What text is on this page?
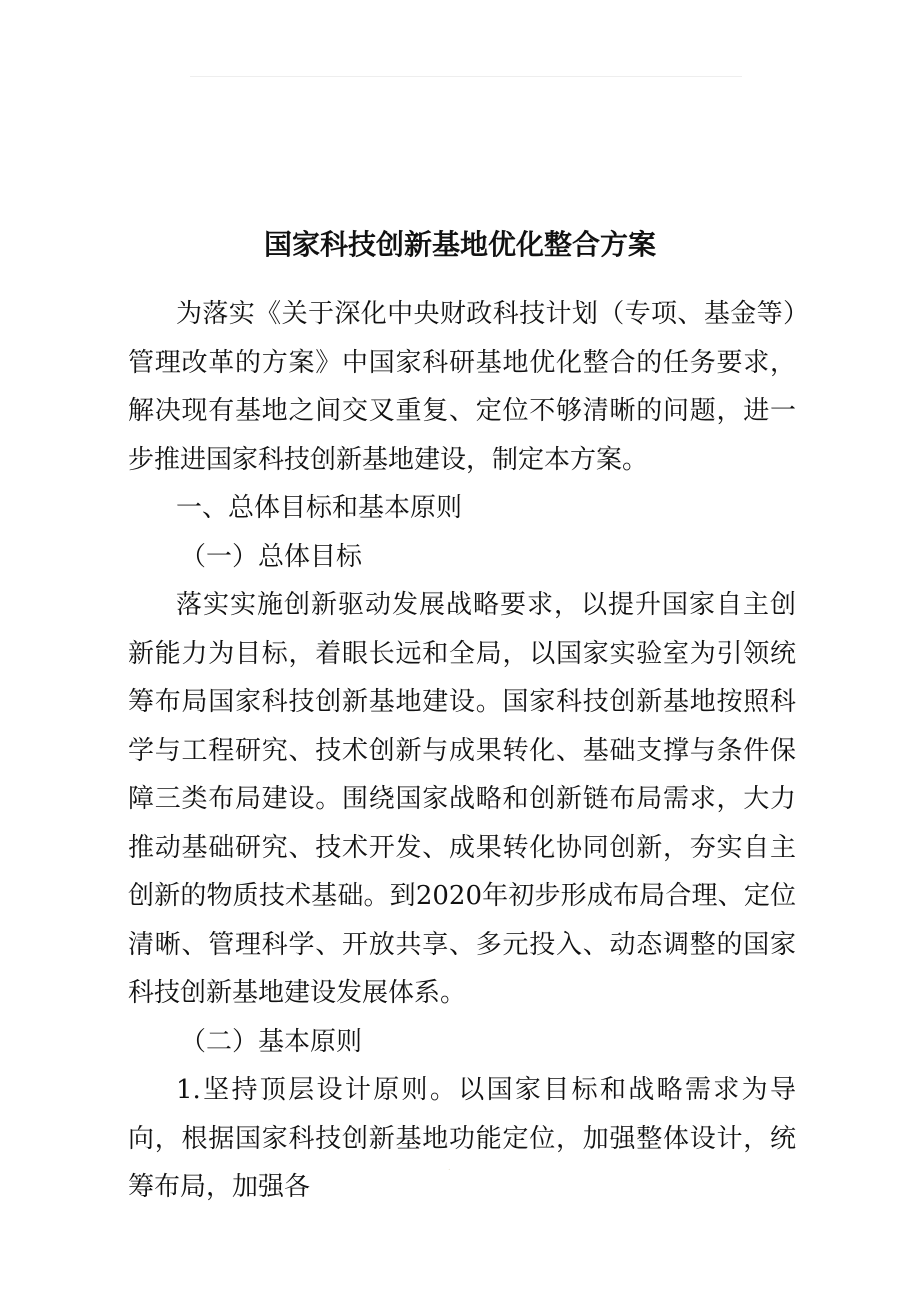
国家科技创新基地优化整合方案

为落实《关于深化中央财政科技计划（专项、基金等）管理改革的方案》中国家科研基地优化整合的任务要求，解决现有基地之间交叉重复、定位不够清晰的问题，进一步推进国家科技创新基地建设，制定本方案。

一、总体目标和基本原则

（一）总体目标

落实实施创新驱动发展战略要求，以提升国家自主创新能力为目标，着眼长远和全局，以国家实验室为引领统筹布局国家科技创新基地建设。国家科技创新基地按照科学与工程研究、技术创新与成果转化、基础支撑与条件保障三类布局建设。围绕国家战略和创新链布局需求，大力推动基础研究、技术开发、成果转化协同创新，夯实自主创新的物质技术基础。到2020年初步形成布局合理、定位清晰、管理科学、开放共享、多元投入、动态调整的国家科技创新基地建设发展体系。

（二）基本原则

1.坚持顶层设计原则。以国家目标和战略需求为导向，根据国家科技创新基地功能定位，加强整体设计，统筹布局，加强各

.
